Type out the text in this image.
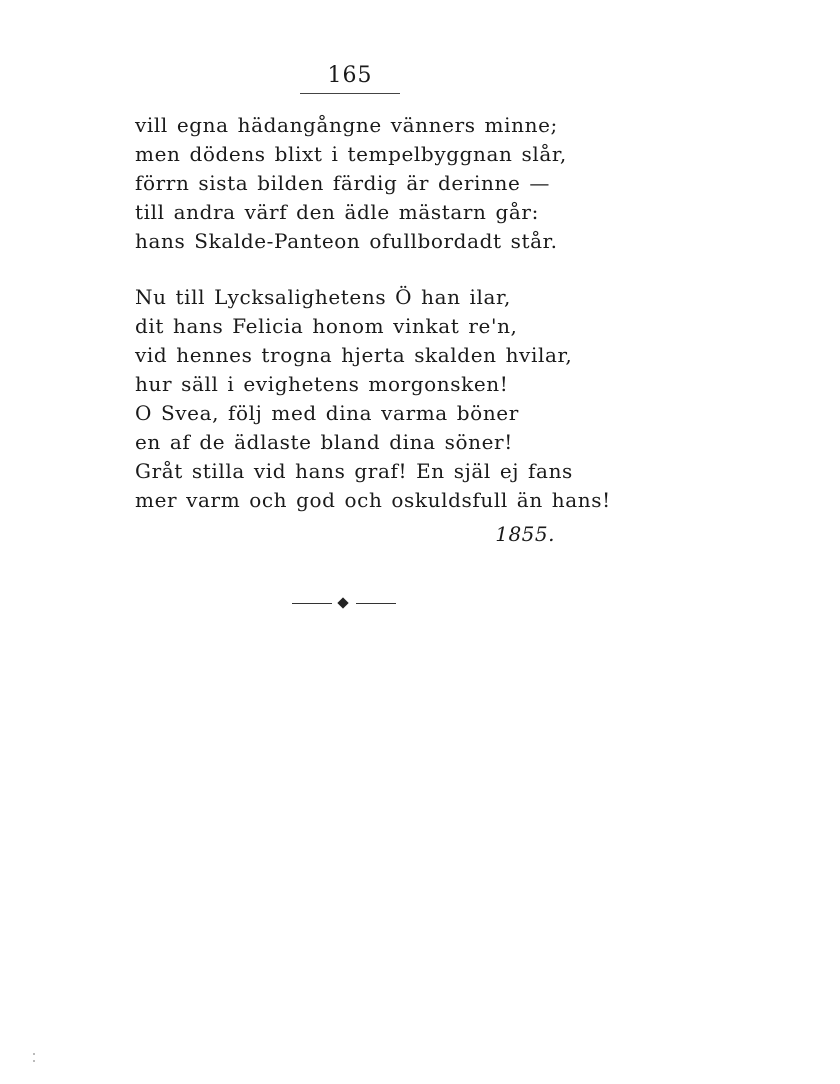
165
vill egna hädangångne vänners minne;
men dödens blixt i tempelbyggnan slår,
förrn sista bilden färdig är derinne —
till andra värf den ädle mästarn går:
hans Skalde-Panteon ofullbordadt står.
Nu till Lycksalighetens Ö han ilar,
dit hans Felicia honom vinkat re'n,
vid hennes trogna hjerta skalden hvilar,
hur säll i evighetens morgonsken!
O Svea, följ med dina varma böner
en af de ädlaste bland dina söner!
Gråt stilla vid hans graf! En själ ej fans
mer varm och god och oskuldsfull än hans!
1855.
